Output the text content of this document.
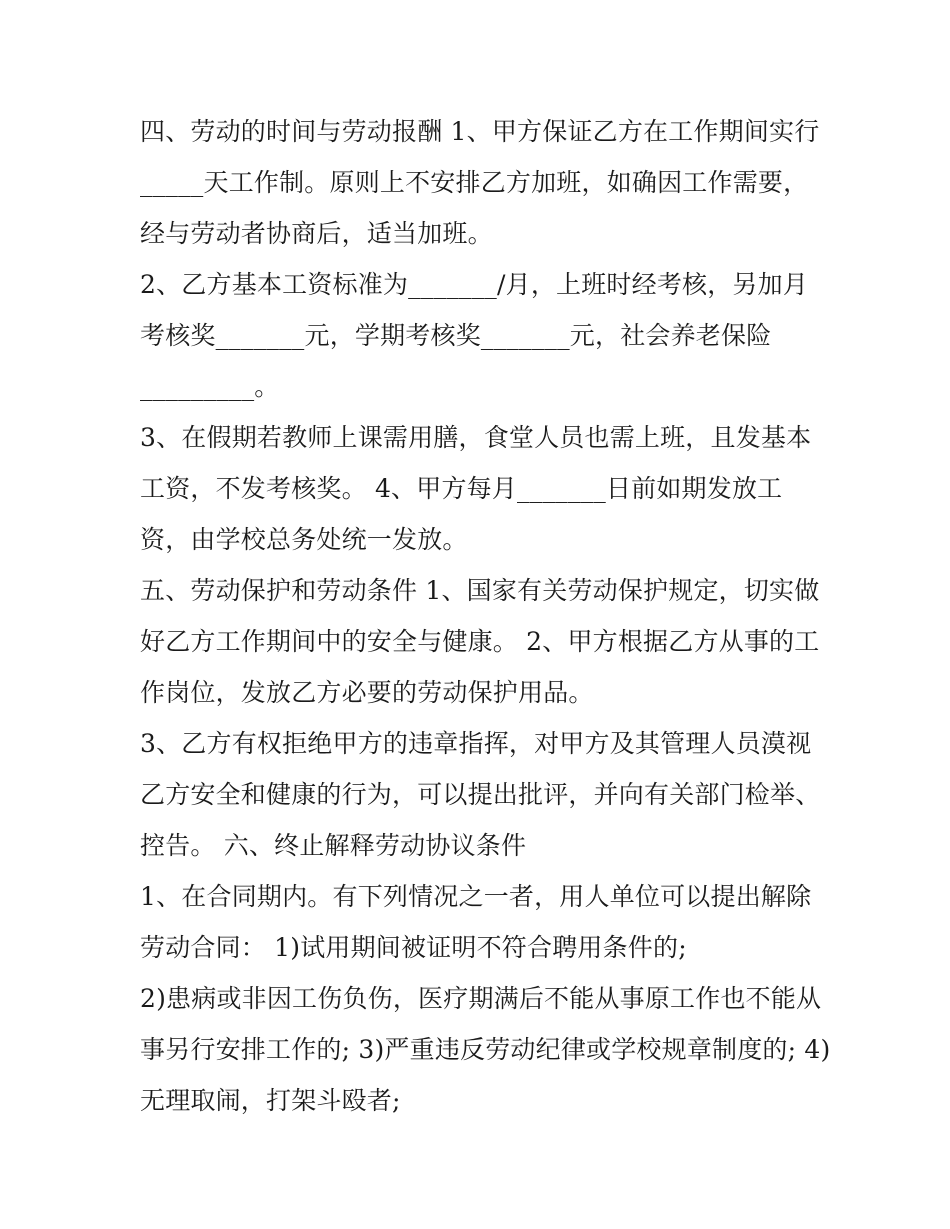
四、劳动的时间与劳动报酬 1、甲方保证乙方在工作期间实行
_____天工作制。原则上不安排乙方加班，如确因工作需要，
经与劳动者协商后，适当加班。
2、乙方基本工资标准为_______/月，上班时经考核，另加月
考核奖_______元，学期考核奖_______元，社会养老保险
_________。
3、在假期若教师上课需用膳，食堂人员也需上班，且发基本
工资，不发考核奖。 4、甲方每月_______日前如期发放工
资，由学校总务处统一发放。
五、劳动保护和劳动条件 1、国家有关劳动保护规定，切实做
好乙方工作期间中的安全与健康。 2、甲方根据乙方从事的工
作岗位，发放乙方必要的劳动保护用品。
3、乙方有权拒绝甲方的违章指挥，对甲方及其管理人员漠视
乙方安全和健康的行为，可以提出批评，并向有关部门检举、
控告。 六、终止解释劳动协议条件
1、在合同期内。有下列情况之一者，用人单位可以提出解除
劳动合同： 1)试用期间被证明不符合聘用条件的;
2)患病或非因工伤负伤，医疗期满后不能从事原工作也不能从
事另行安排工作的; 3)严重违反劳动纪律或学校规章制度的; 4)
无理取闹，打架斗殴者;
